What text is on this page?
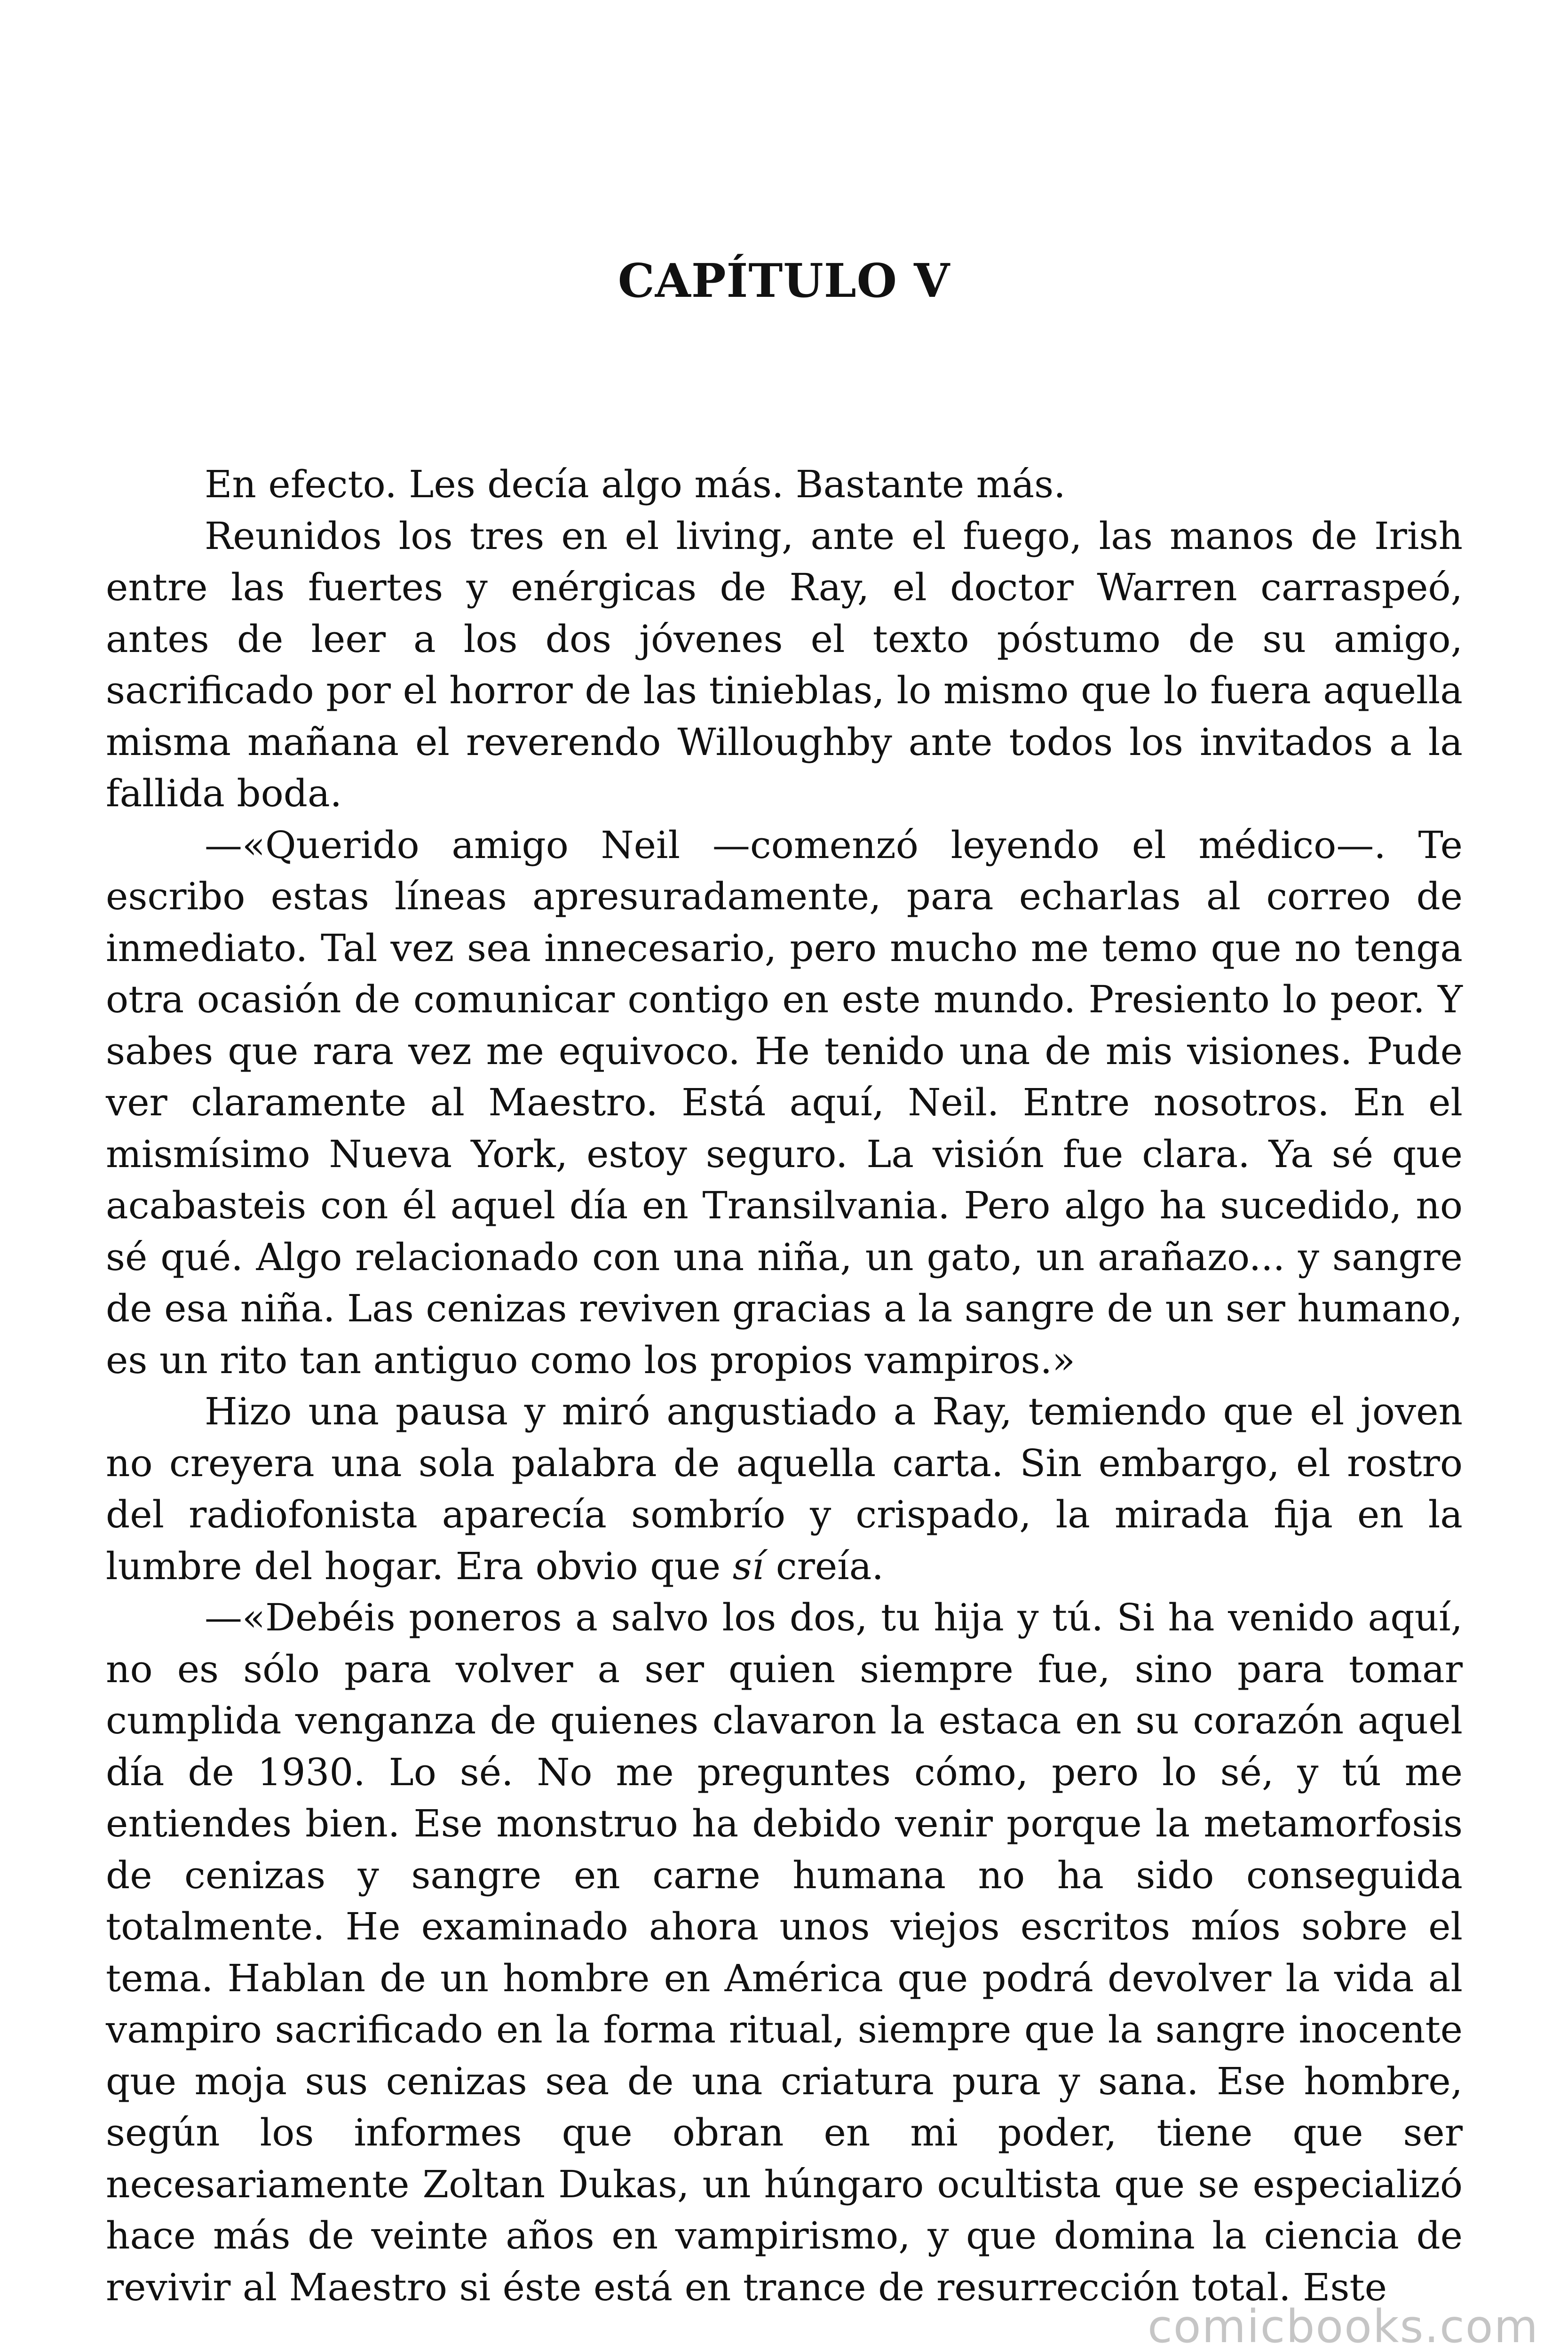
CAPÍTULO V

En efecto. Les decía algo más. Bastante más.

Reunidos los tres en el living, ante el fuego, las manos de Irish entre las fuertes y enérgicas de Ray, el doctor Warren carraspeó, antes de leer a los dos jóvenes el texto póstumo de su amigo, sacrificado por el horror de las tinieblas, lo mismo que lo fuera aquella misma mañana el reverendo Willoughby ante todos los invitados a la fallida boda.

—«Querido amigo Neil —comenzó leyendo el médico—. Te escribo estas líneas apresuradamente, para echarlas al correo de inmediato. Tal vez sea innecesario, pero mucho me temo que no tenga otra ocasión de comunicar contigo en este mundo. Presiento lo peor. Y sabes que rara vez me equivoco. He tenido una de mis visiones. Pude ver claramente al Maestro. Está aquí, Neil. Entre nosotros. En el mismísimo Nueva York, estoy seguro. La visión fue clara. Ya sé que acabasteis con él aquel día en Transilvania. Pero algo ha sucedido, no sé qué. Algo relacionado con una niña, un gato, un arañazo... y sangre de esa niña. Las cenizas reviven gracias a la sangre de un ser humano, es un rito tan antiguo como los propios vampiros.»

Hizo una pausa y miró angustiado a Ray, temiendo que el joven no creyera una sola palabra de aquella carta. Sin embargo, el rostro del radiofonista aparecía sombrío y crispado, la mirada fija en la lumbre del hogar. Era obvio que sí creía.

—«Debéis poneros a salvo los dos, tu hija y tú. Si ha venido aquí, no es sólo para volver a ser quien siempre fue, sino para tomar cumplida venganza de quienes clavaron la estaca en su corazón aquel día de 1930. Lo sé. No me preguntes cómo, pero lo sé, y tú me entiendes bien. Ese monstruo ha debido venir porque la metamorfosis de cenizas y sangre en carne humana no ha sido conseguida totalmente. He examinado ahora unos viejos escritos míos sobre el tema. Hablan de un hombre en América que podrá devolver la vida al vampiro sacrificado en la forma ritual, siempre que la sangre inocente que moja sus cenizas sea de una criatura pura y sana. Ese hombre, según los informes que obran en mi poder, tiene que ser necesariamente Zoltan Dukas, un húngaro ocultista que se especializó hace más de veinte años en vampirismo, y que domina la ciencia de revivir al Maestro si éste está en trance de resurrección total. Este

comicbooks.com
